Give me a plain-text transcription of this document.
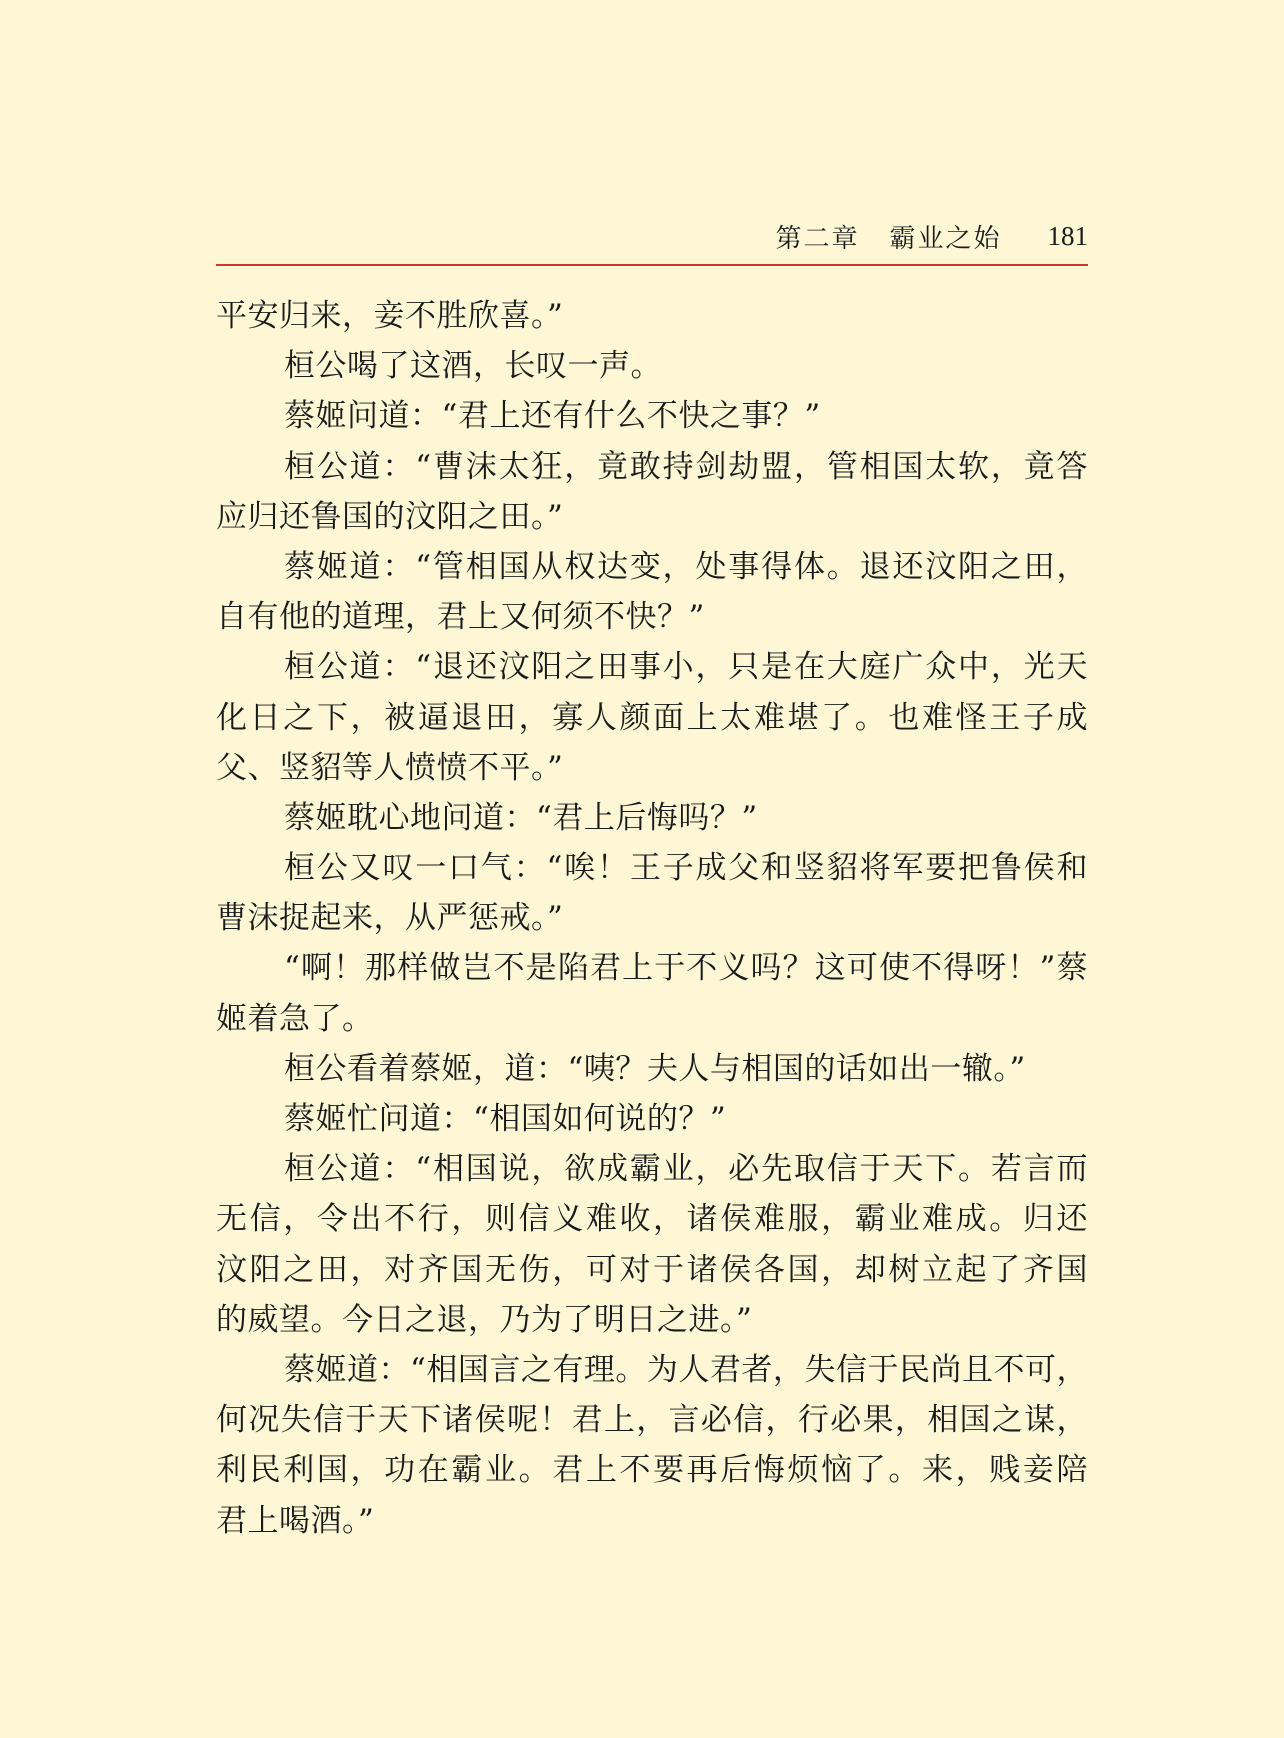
第二章 霸业之始 181
平安归来，妾不胜欣喜。”
桓公喝了这酒，长叹一声。
蔡姬问道：“君上还有什么不快之事？”
桓公道：“曹沫太狂，竟敢持剑劫盟，管相国太软，竟答
应归还鲁国的汶阳之田。”
蔡姬道：“管相国从权达变，处事得体。退还汶阳之田，
自有他的道理，君上又何须不快？”
桓公道：“退还汶阳之田事小，只是在大庭广众中，光天
化日之下，被逼退田，寡人颜面上太难堪了。也难怪王子成
父、竖貂等人愤愤不平。”
蔡姬耽心地问道：“君上后悔吗？”
桓公又叹一口气：“唉！王子成父和竖貂将军要把鲁侯和
曹沫捉起来，从严惩戒。”
“啊！那样做岂不是陷君上于不义吗？这可使不得呀！”蔡
姬着急了。
桓公看着蔡姬，道：“咦？夫人与相国的话如出一辙。”
蔡姬忙问道：“相国如何说的？”
桓公道：“相国说，欲成霸业，必先取信于天下。若言而
无信，令出不行，则信义难收，诸侯难服，霸业难成。归还
汶阳之田，对齐国无伤，可对于诸侯各国，却树立起了齐国
的威望。今日之退，乃为了明日之进。”
蔡姬道：“相国言之有理。为人君者，失信于民尚且不可，
何况失信于天下诸侯呢！君上，言必信，行必果，相国之谋，
利民利国，功在霸业。君上不要再后悔烦恼了。来，贱妾陪
君上喝酒。”
